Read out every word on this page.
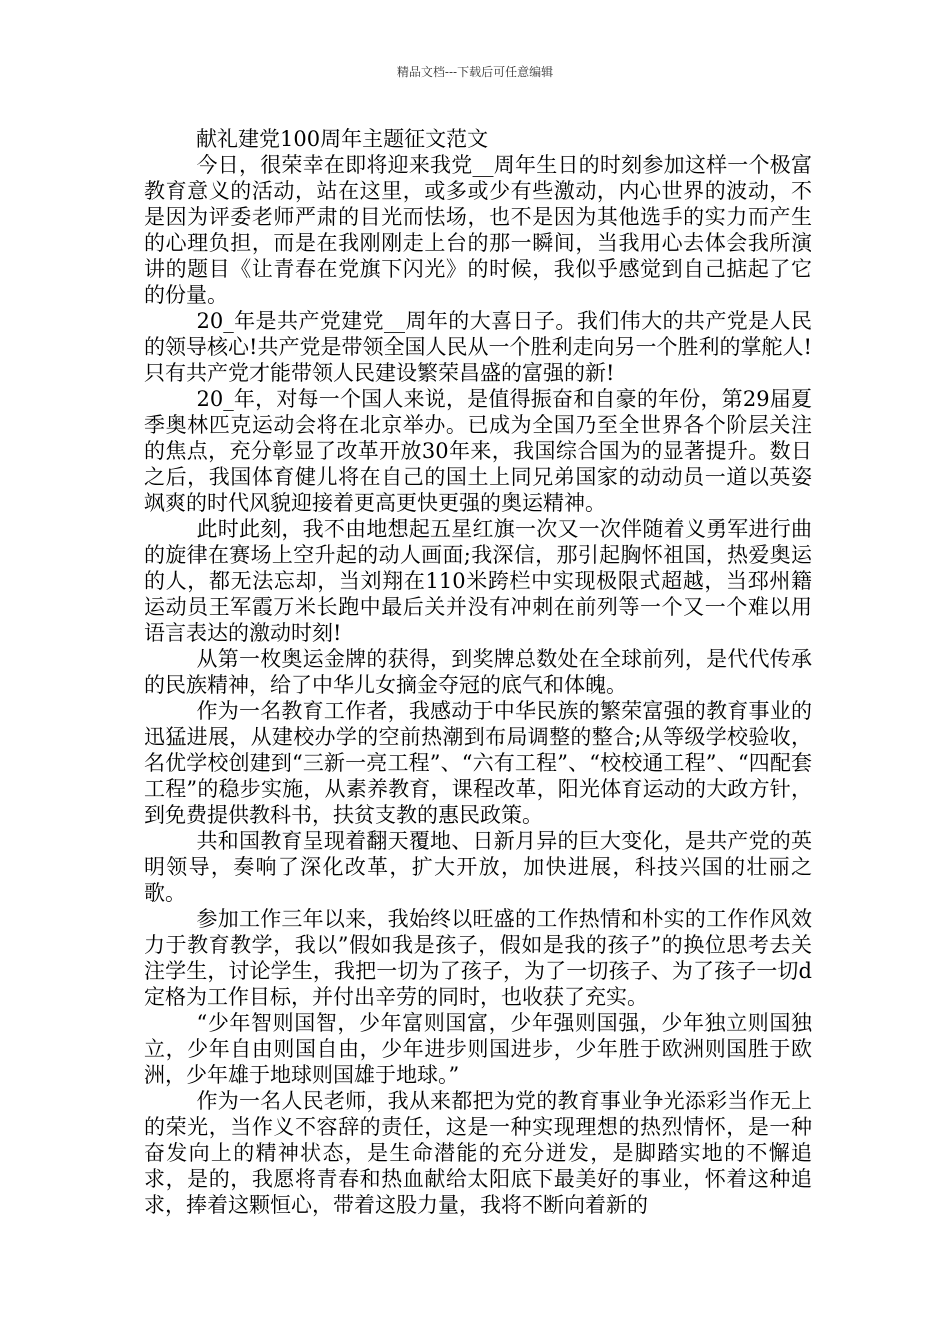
精品文档---下载后可任意编辑
献礼建党100周年主题征文范文

今日，很荣幸在即将迎来我党__周年生日的时刻参加这样一个极富教育意义的活动，站在这里，或多或少有些激动，内心世界的波动，不是因为评委老师严肃的目光而怯场，也不是因为其他选手的实力而产生的心理负担，而是在我刚刚走上台的那一瞬间，当我用心去体会我所演讲的题目《让青春在党旗下闪光》的时候，我似乎感觉到自己掂起了它的份量。

20_年是共产党建党__周年的大喜日子。我们伟大的共产党是人民的领导核心!共产党是带领全国人民从一个胜利走向另一个胜利的掌舵人!只有共产党才能带领人民建设繁荣昌盛的富强的新!

20_年，对每一个国人来说，是值得振奋和自豪的年份，第29届夏季奥林匹克运动会将在北京举办。已成为全国乃至全世界各个阶层关注的焦点，充分彰显了改革开放30年来，我国综合国为的显著提升。数日之后，我国体育健儿将在自己的国土上同兄弟国家的动动员一道以英姿飒爽的时代风貌迎接着更高更快更强的奥运精神。

此时此刻，我不由地想起五星红旗一次又一次伴随着义勇军进行曲的旋律在赛场上空升起的动人画面;我深信，那引起胸怀祖国，热爱奥运的人，都无法忘却，当刘翔在110米跨栏中实现极限式超越，当邳州籍运动员王军霞万米长跑中最后关并没有冲刺在前列等一个又一个难以用语言表达的激动时刻!

从第一枚奥运金牌的获得，到奖牌总数处在全球前列，是代代传承的民族精神，给了中华儿女摘金夺冠的底气和体魄。

作为一名教育工作者，我感动于中华民族的繁荣富强的教育事业的迅猛进展，从建校办学的空前热潮到布局调整的整合;从等级学校验收，名优学校创建到“三新一亮工程”、“六有工程”、“校校通工程”、“四配套工程”的稳步实施，从素养教育，课程改革，阳光体育运动的大政方针，到免费提供教科书，扶贫支教的惠民政策。

共和国教育呈现着翻天覆地、日新月异的巨大变化，是共产党的英明领导，奏响了深化改革，扩大开放，加快进展，科技兴国的壮丽之歌。

参加工作三年以来，我始终以旺盛的工作热情和朴实的工作作风效力于教育教学，我以”假如我是孩子，假如是我的孩子”的换位思考去关注学生，讨论学生，我把一切为了孩子，为了一切孩子、为了孩子一切d定格为工作目标，并付出辛劳的同时，也收获了充实。

“少年智则国智，少年富则国富，少年强则国强，少年独立则国独立，少年自由则国自由，少年进步则国进步，少年胜于欧洲则国胜于欧洲，少年雄于地球则国雄于地球。”

作为一名人民老师，我从来都把为党的教育事业争光添彩当作无上的荣光，当作义不容辞的责任，这是一种实现理想的热烈情怀，是一种奋发向上的精神状态，是生命潜能的充分迸发，是脚踏实地的不懈追求，是的，我愿将青春和热血献给太阳底下最美好的事业，怀着这种追求，捧着这颗恒心，带着这股力量，我将不断向着新的
